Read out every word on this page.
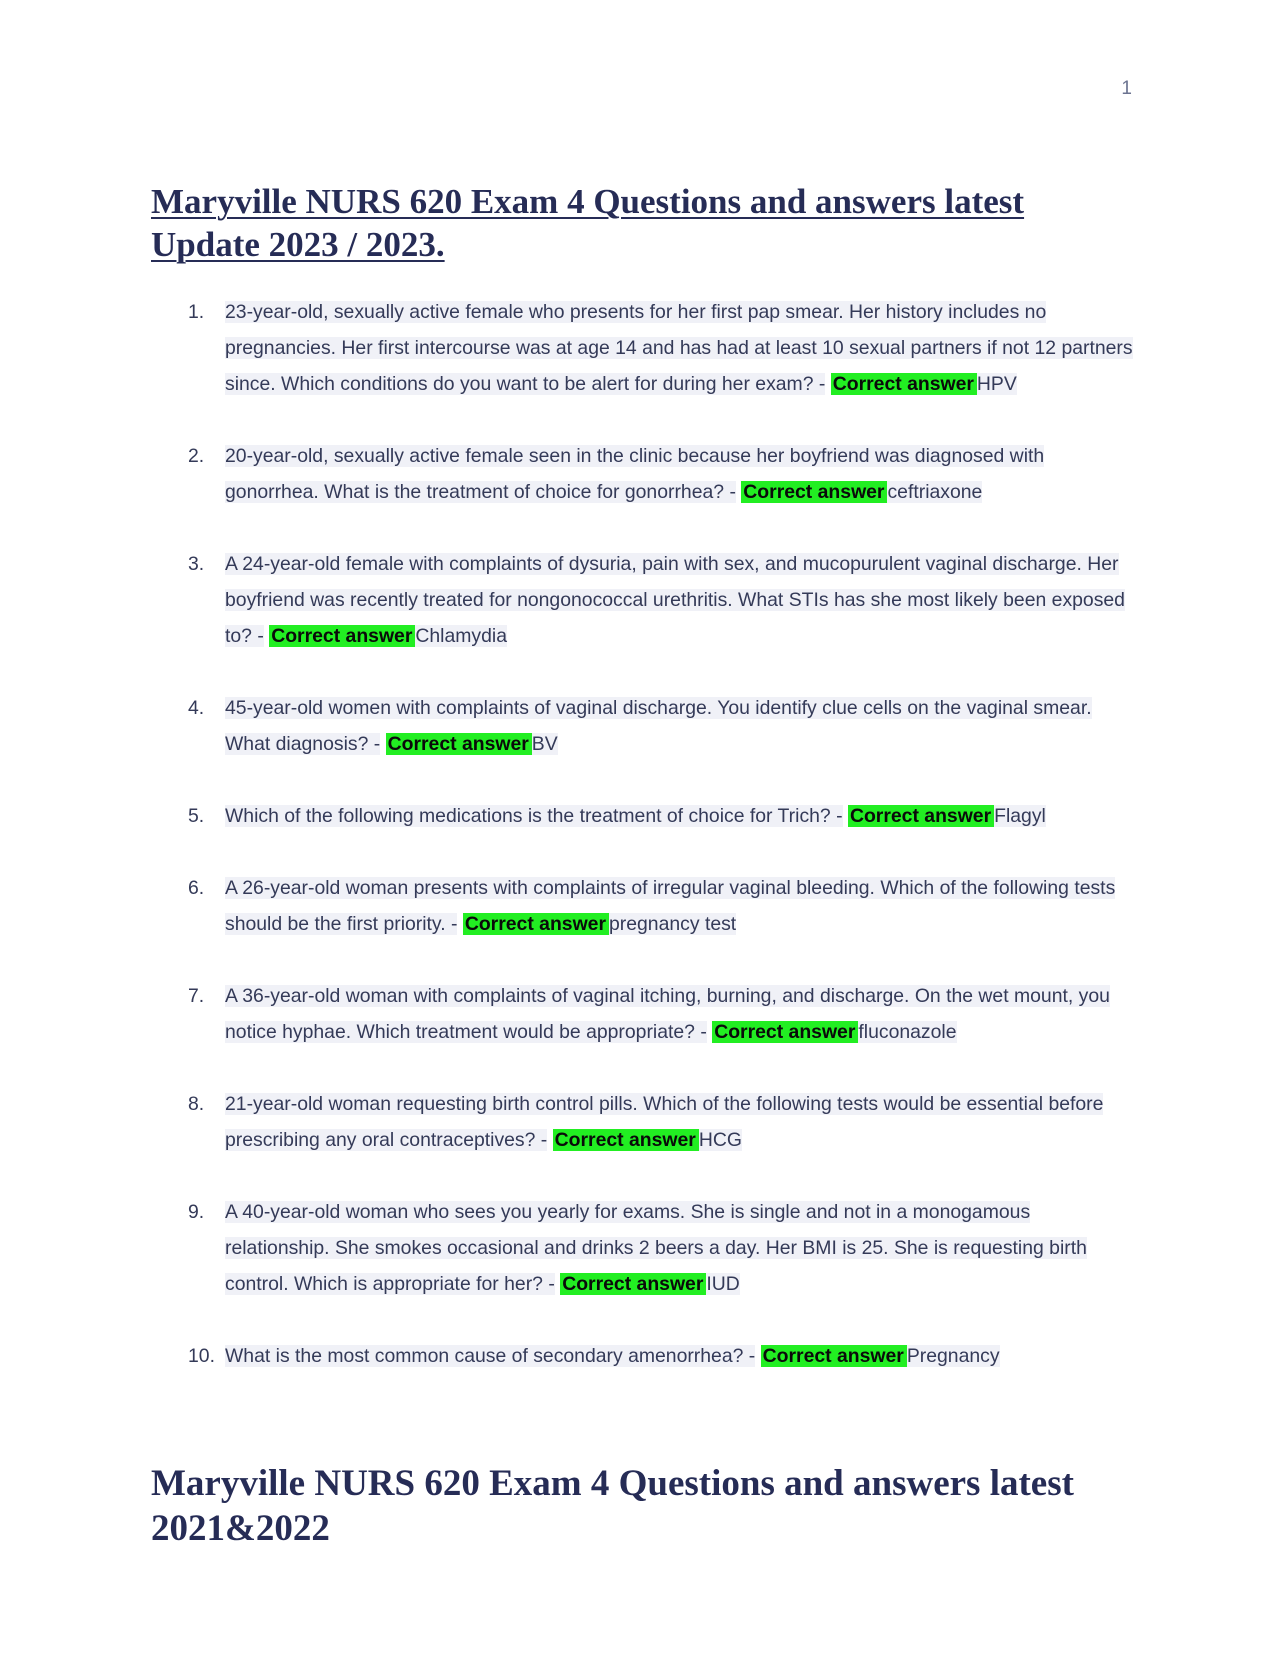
1
Maryville NURS 620 Exam 4 Questions and answers latest Update 2023 / 2023.
1.	23-year-old, sexually active female who presents for her first pap smear. Her history includes no pregnancies. Her first intercourse was at age 14 and has had at least 10 sexual partners if not 12 partners since. Which conditions do you want to be alert for during her exam? - Correct answer HPV
2.	20-year-old, sexually active female seen in the clinic because her boyfriend was diagnosed with gonorrhea. What is the treatment of choice for gonorrhea? - Correct answer ceftriaxone
3.	A 24-year-old female with complaints of dysuria, pain with sex, and mucopurulent vaginal discharge. Her boyfriend was recently treated for nongonococcal urethritis. What STIs has she most likely been exposed to? - Correct answer Chlamydia
4.	45-year-old women with complaints of vaginal discharge. You identify clue cells on the vaginal smear. What diagnosis? - Correct answer BV
5.	Which of the following medications is the treatment of choice for Trich? - Correct answer Flagyl
6.	A 26-year-old woman presents with complaints of irregular vaginal bleeding. Which of the following tests should be the first priority. - Correct answer pregnancy test
7.	A 36-year-old woman with complaints of vaginal itching, burning, and discharge. On the wet mount, you notice hyphae. Which treatment would be appropriate? - Correct answer fluconazole
8.	21-year-old woman requesting birth control pills. Which of the following tests would be essential before prescribing any oral contraceptives? - Correct answer HCG
9.	A 40-year-old woman who sees you yearly for exams. She is single and not in a monogamous relationship. She smokes occasional and drinks 2 beers a day. Her BMI is 25. She is requesting birth control. Which is appropriate for her? - Correct answer IUD
10. What is the most common cause of secondary amenorrhea? - Correct answer Pregnancy
Maryville NURS 620 Exam 4 Questions and answers latest 2021&2022
